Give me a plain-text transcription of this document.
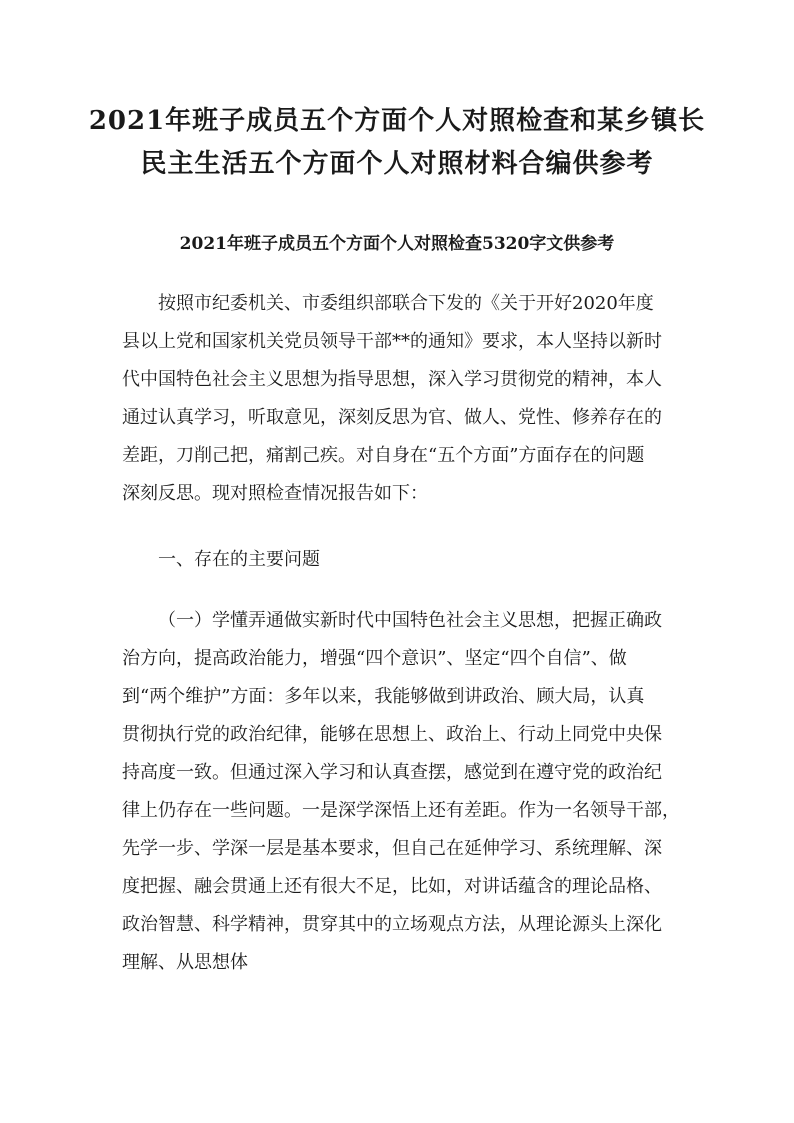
2021年班子成员五个方面个人对照检查和某乡镇长
民主生活五个方面个人对照材料合编供参考
2021年班子成员五个方面个人对照检查5320字文供参考
按照市纪委机关、市委组织部联合下发的《关于开好2020年度
县以上党和国家机关党员领导干部**的通知》要求，本人坚持以新时
代中国特色社会主义思想为指导思想，深入学习贯彻党的精神，本人
通过认真学习，听取意见，深刻反思为官、做人、党性、修养存在的
差距，刀削己把，痛割己疾。对自身在“五个方面”方面存在的问题
深刻反思。现对照检查情况报告如下：
一、存在的主要问题
（一）学懂弄通做实新时代中国特色社会主义思想，把握正确政
治方向，提高政治能力，增强“四个意识”、坚定“四个自信”、做
到“两个维护”方面：多年以来，我能够做到讲政治、顾大局，认真
贯彻执行党的政治纪律，能够在思想上、政治上、行动上同党中央保
持高度一致。但通过深入学习和认真查摆，感觉到在遵守党的政治纪
律上仍存在一些问题。一是深学深悟上还有差距。作为一名领导干部，
先学一步、学深一层是基本要求，但自己在延伸学习、系统理解、深
度把握、融会贯通上还有很大不足，比如，对讲话蕴含的理论品格、
政治智慧、科学精神，贯穿其中的立场观点方法，从理论源头上深化
理解、从思想体
